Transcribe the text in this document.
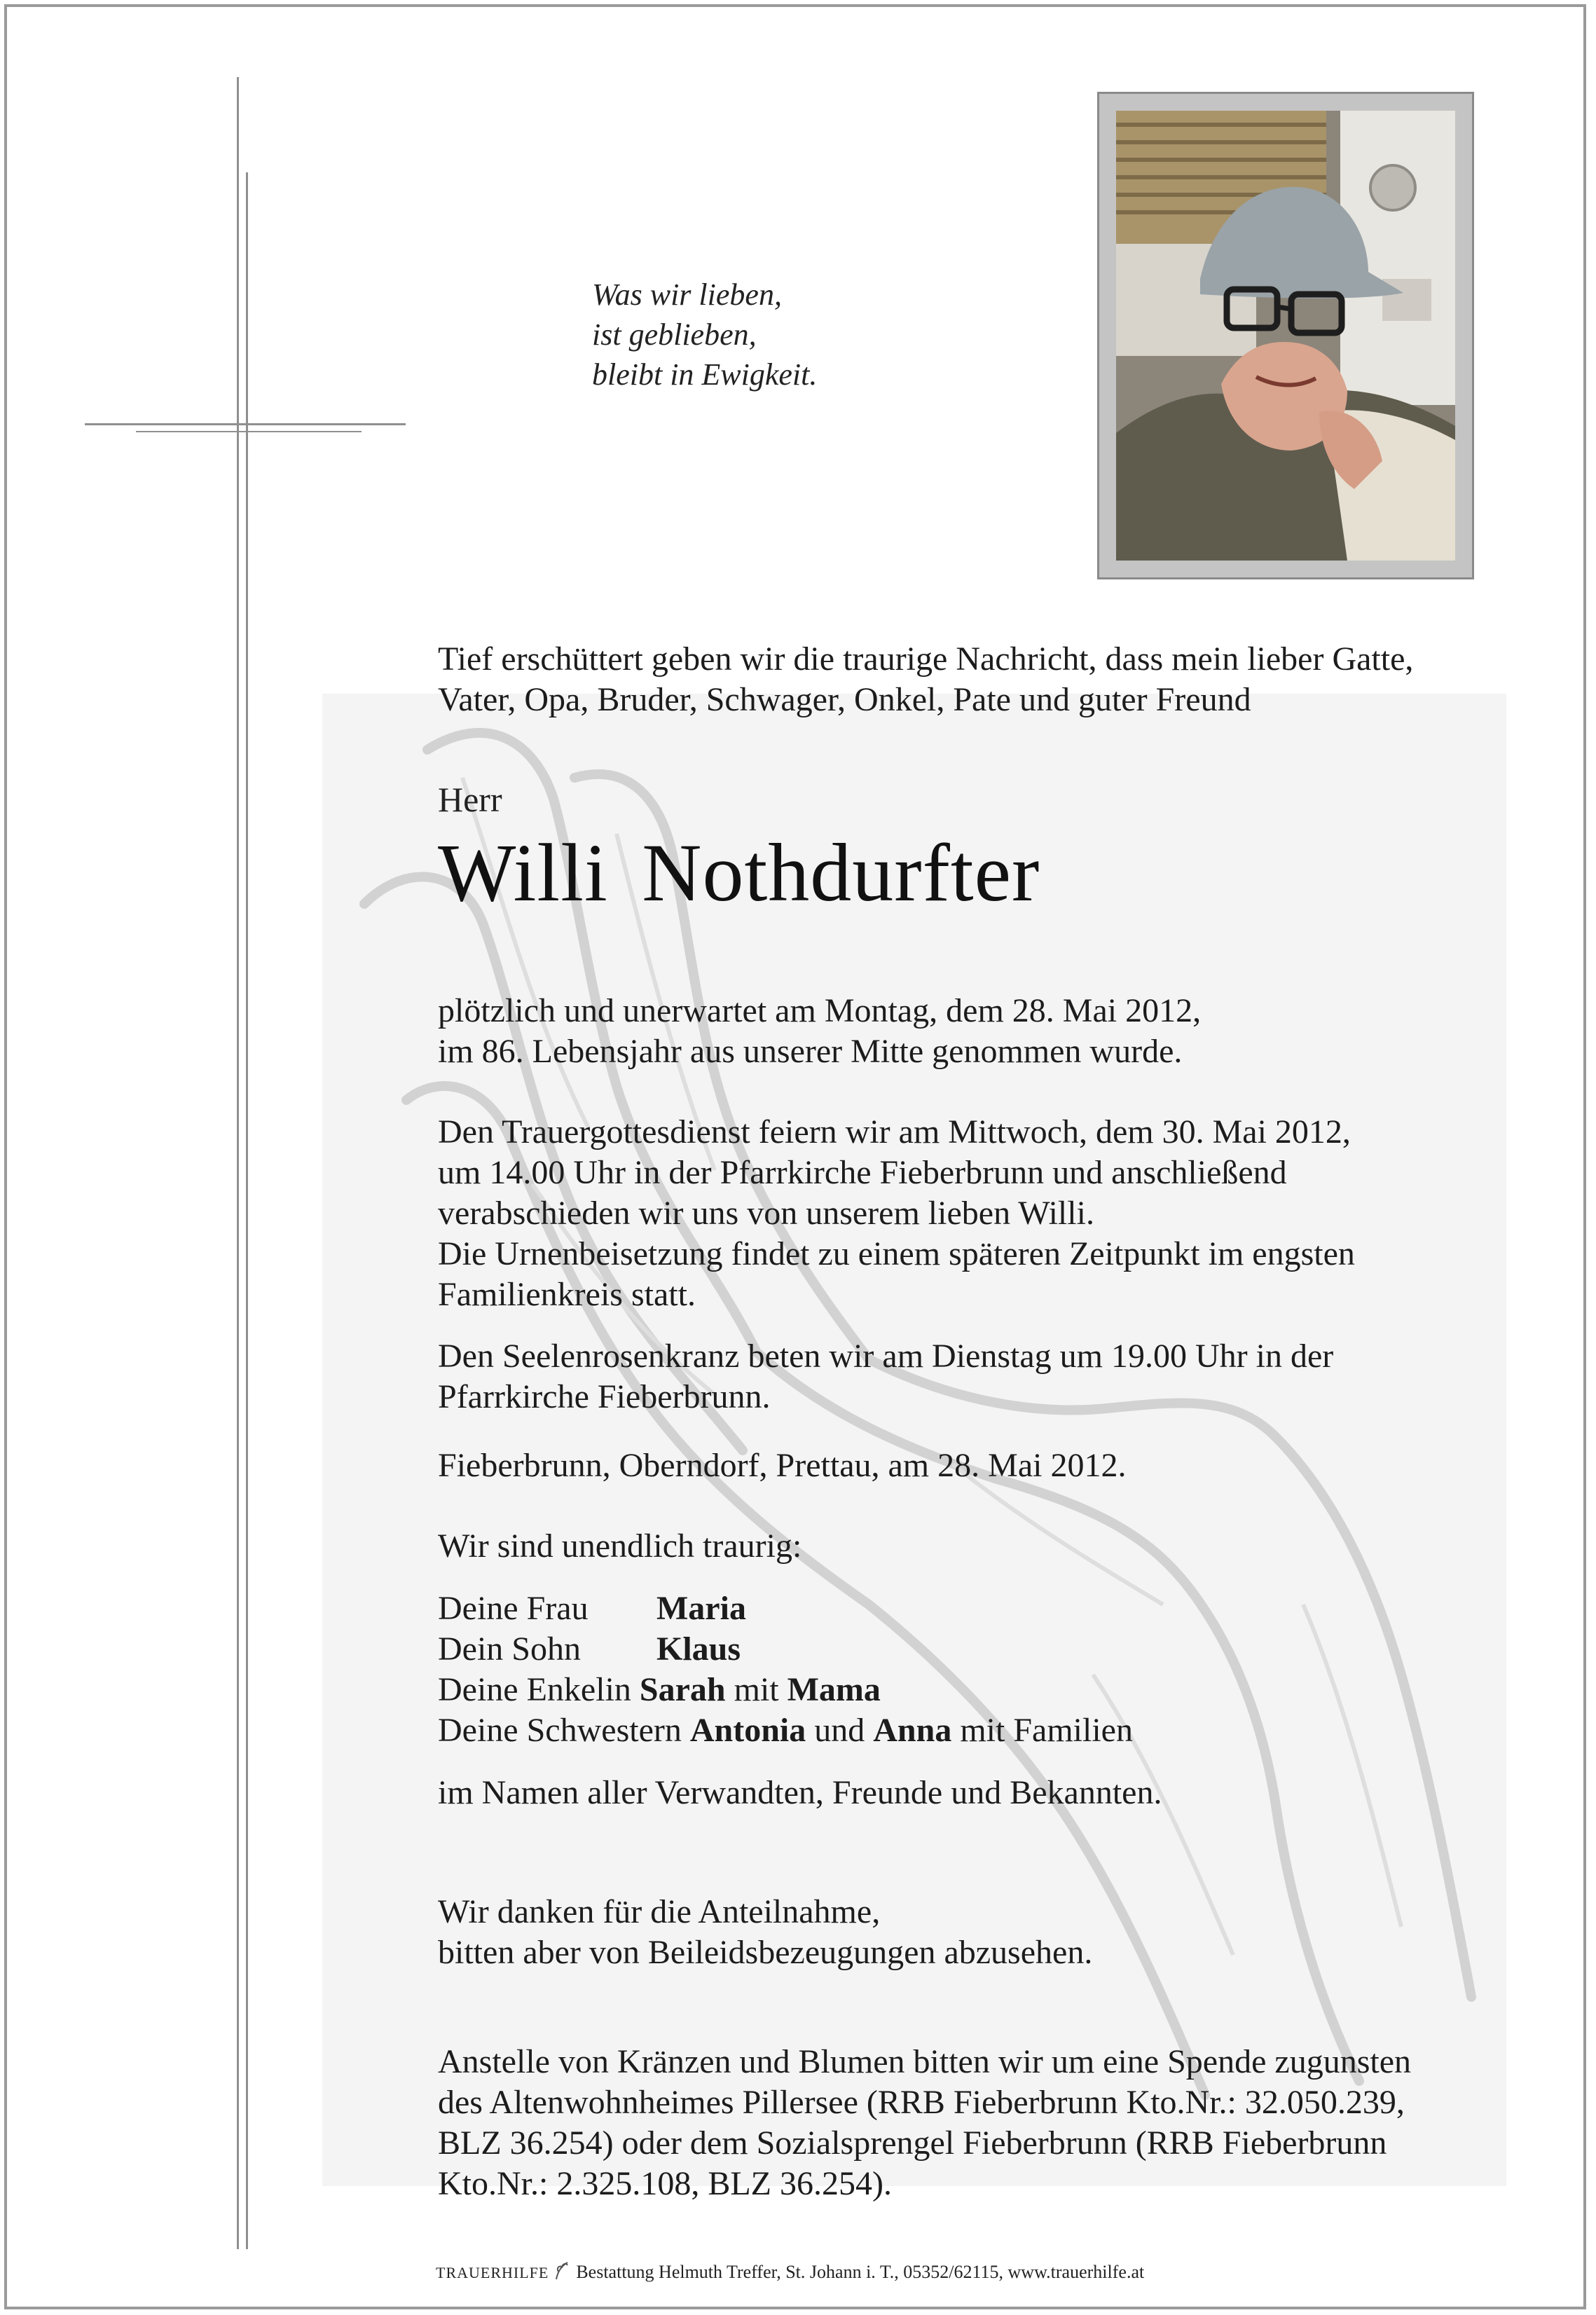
Was wir lieben,
ist geblieben,
bleibt in Ewigkeit.

Tief erschüttert geben wir die traurige Nachricht, dass mein lieber Gatte,

Vater, Opa, Bruder, Schwager, Onkel, Pate und guter Freund

Herr
Willi Nothdurfter

plötzlich und unerwartet am Montag, dem 28. Mai 2012,

im 86. Lebensjahr aus unserer Mitte genommen wurde.

Den Trauergottesdienst feiern wir am Mittwoch, dem 30. Mai 2012,

um 14.00 Uhr in der Pfarrkirche Fieberbrunn und anschließend

verabschieden wir uns von unserem lieben Willi.

Die Urnenbeisetzung findet zu einem späteren Zeitpunkt im engsten

Familienkreis statt.

Den Seelenrosenkranz beten wir am Dienstag um 19.00 Uhr in der

Pfarrkirche Fieberbrunn.

Fieberbrunn, Oberndorf, Prettau, am 28. Mai 2012.
Wir sind unendlich traurig:
Deine Frau Maria
Dein Sohn Klaus
Deine Enkelin Sarah mit Mama
Deine Schwestern Antonia und Anna mit Familien
im Namen aller Verwandten, Freunde und Bekannten.

Wir danken für die Anteilnahme,

bitten aber von Beileidsbezeugungen abzusehen.

Anstelle von Kränzen und Blumen bitten wir um eine Spende zugunsten

des Altenwohnheimes Pillersee (RRB Fieberbrunn Kto.Nr.: 32.050.239,

BLZ 36.254) oder dem Sozialsprengel Fieberbrunn (RRB Fieberbrunn

Kto.Nr.: 2.325.108, BLZ 36.254).

TRAUERHILFE Bestattung Helmuth Treffer, St. Johann i. T., 05352/62115, www.trauerhilfe.at
